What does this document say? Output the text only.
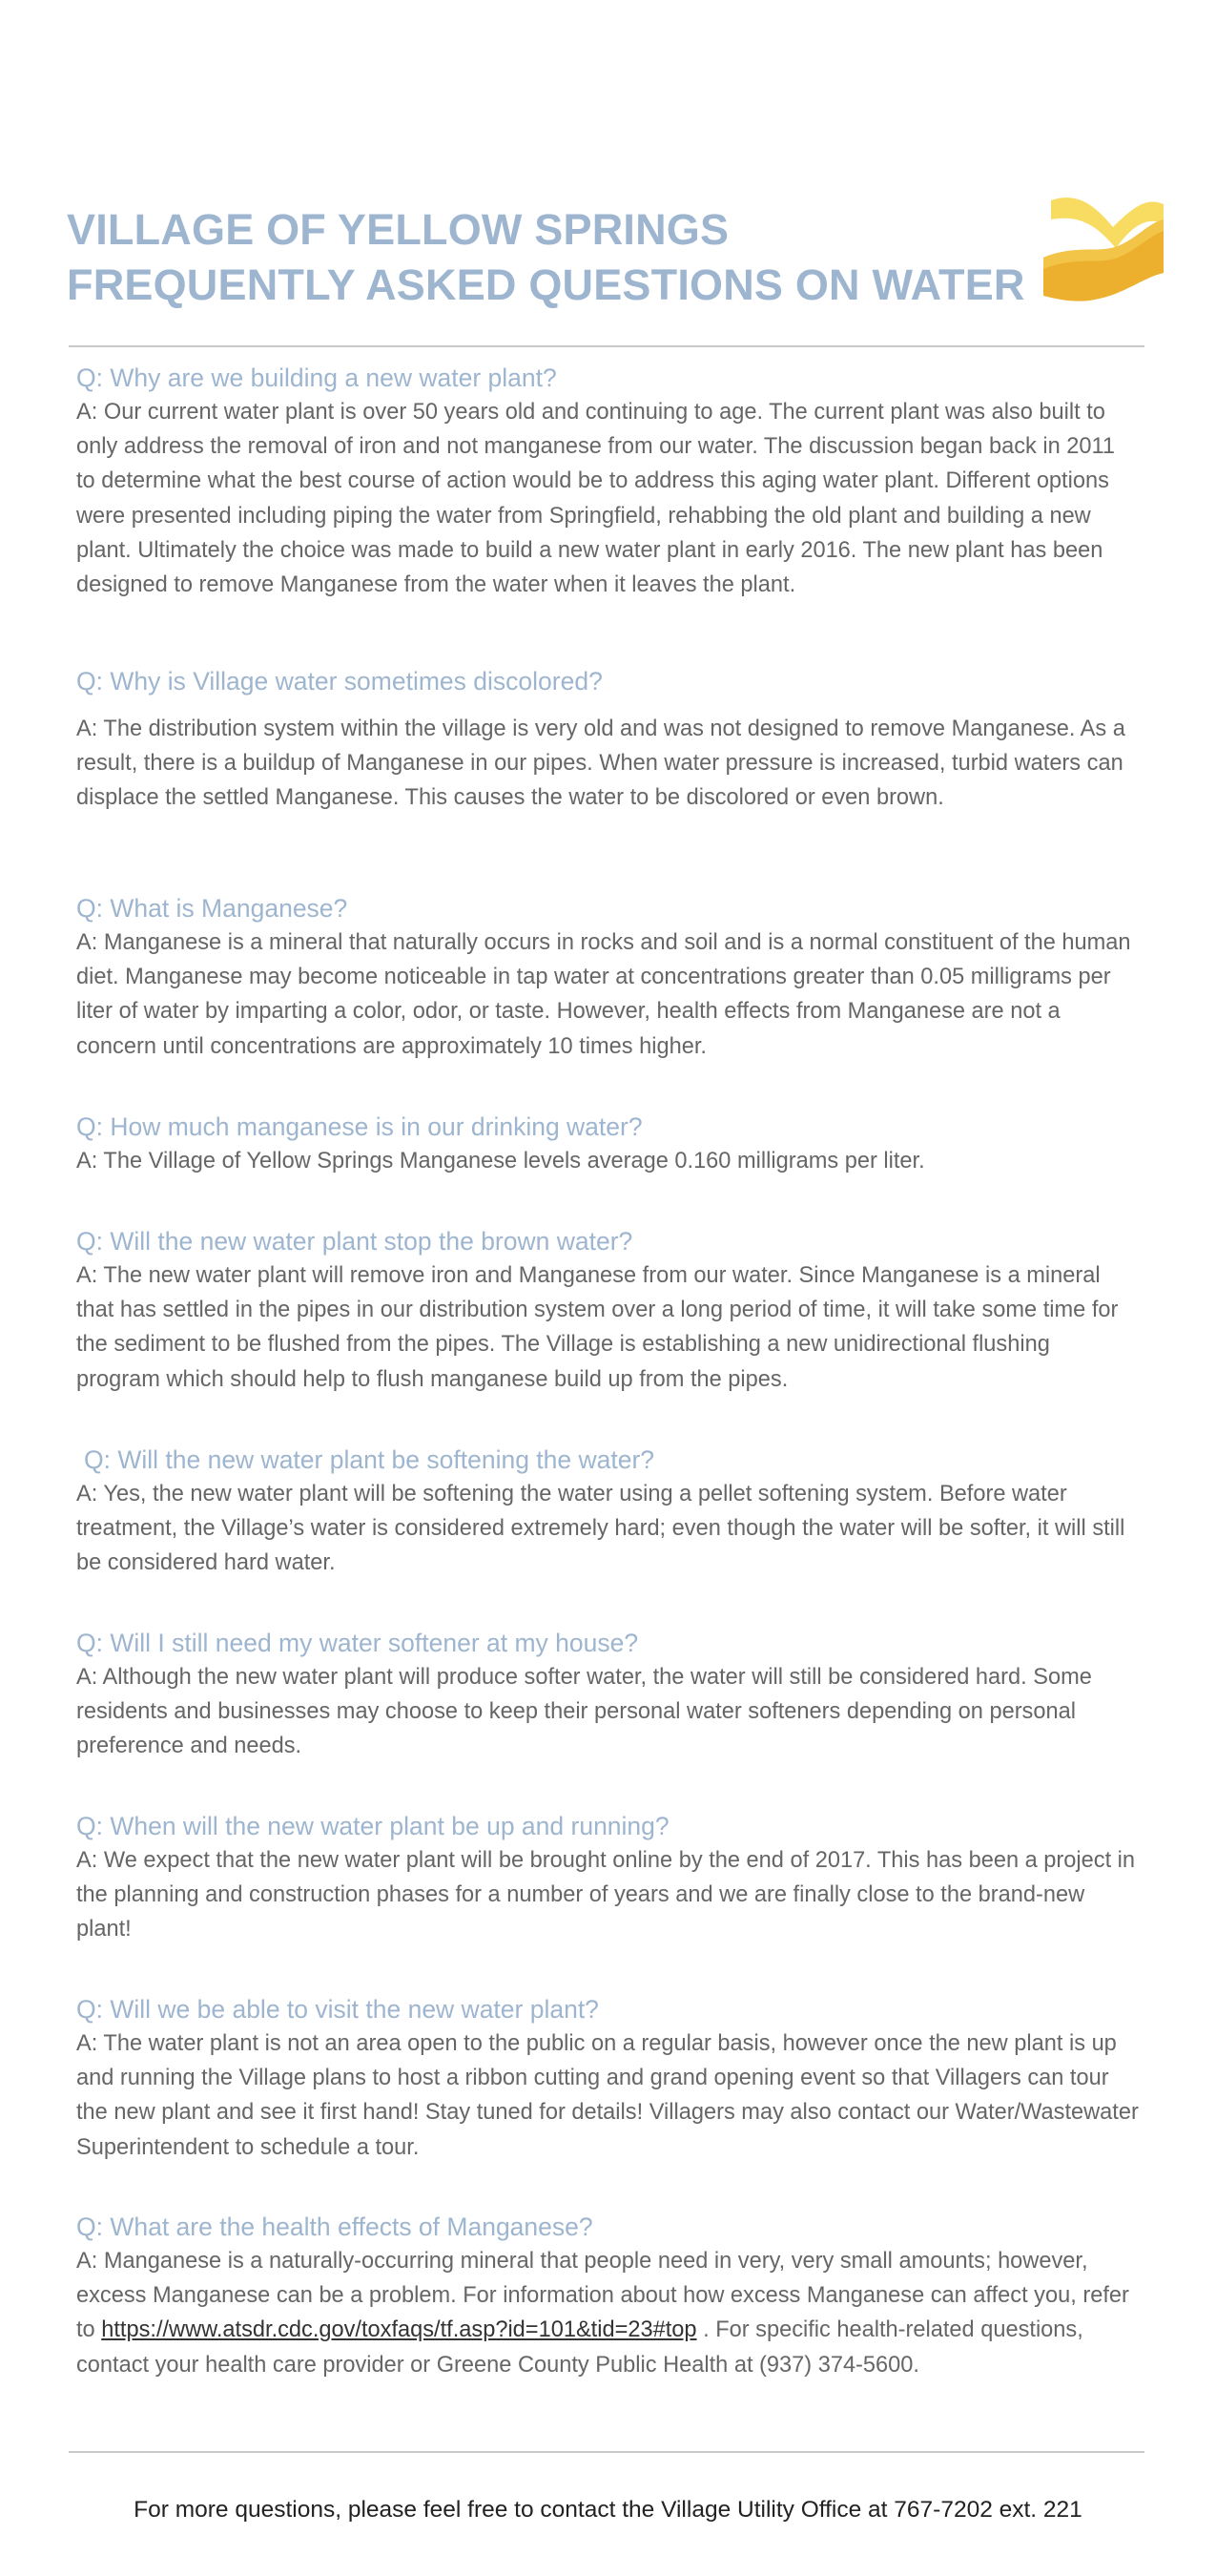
VILLAGE OF YELLOW SPRINGS
FREQUENTLY ASKED QUESTIONS ON WATER
Q: Why are we building a new water plant?
A: Our current water plant is over 50 years old and continuing to age. The current plant was also built to only address the removal of iron and not manganese from our water. The discussion began back in 2011 to determine what the best course of action would be to address this aging water plant. Different options were presented including piping the water from Springfield, rehabbing the old plant and building a new plant. Ultimately the choice was made to build a new water plant in early 2016. The new plant has been designed to remove Manganese from the water when it leaves the plant.
Q: Why is Village water sometimes discolored?
A: The distribution system within the village is very old and was not designed to remove Manganese. As a result, there is a buildup of Manganese in our pipes. When water pressure is increased, turbid waters can displace the settled Manganese. This causes the water to be discolored or even brown.
Q: What is Manganese?
A: Manganese is a mineral that naturally occurs in rocks and soil and is a normal constituent of the human diet. Manganese may become noticeable in tap water at concentrations greater than 0.05 milligrams per liter of water by imparting a color, odor, or taste. However, health effects from Manganese are not a concern until concentrations are approximately 10 times higher.
Q: How much manganese is in our drinking water?
A: The Village of Yellow Springs Manganese levels average 0.160 milligrams per liter.
Q: Will the new water plant stop the brown water?
A: The new water plant will remove iron and Manganese from our water. Since Manganese is a mineral that has settled in the pipes in our distribution system over a long period of time, it will take some time for the sediment to be flushed from the pipes. The Village is establishing a new unidirectional flushing program which should help to flush manganese build up from the pipes.
Q: Will the new water plant be softening the water?
A: Yes, the new water plant will be softening the water using a pellet softening system. Before water treatment, the Village’s water is considered extremely hard; even though the water will be softer, it will still be considered hard water.
Q: Will I still need my water softener at my house?
A: Although the new water plant will produce softer water, the water will still be considered hard. Some residents and businesses may choose to keep their personal water softeners depending on personal preference and needs.
Q: When will the new water plant be up and running?
A: We expect that the new water plant will be brought online by the end of 2017. This has been a project in the planning and construction phases for a number of years and we are finally close to the brand-new plant!
Q: Will we be able to visit the new water plant?
A: The water plant is not an area open to the public on a regular basis, however once the new plant is up and running the Village plans to host a ribbon cutting and grand opening event so that Villagers can tour the new plant and see it first hand! Stay tuned for details! Villagers may also contact our Water/Wastewater Superintendent to schedule a tour.
Q: What are the health effects of Manganese?
A: Manganese is a naturally-occurring mineral that people need in very, very small amounts; however, excess Manganese can be a problem. For information about how excess Manganese can affect you, refer to https://www.atsdr.cdc.gov/toxfaqs/tf.asp?id=101&tid=23#top . For specific health-related questions, contact your health care provider or Greene County Public Health at (937) 374-5600.
For more questions, please feel free to contact the Village Utility Office at 767-7202 ext. 221
